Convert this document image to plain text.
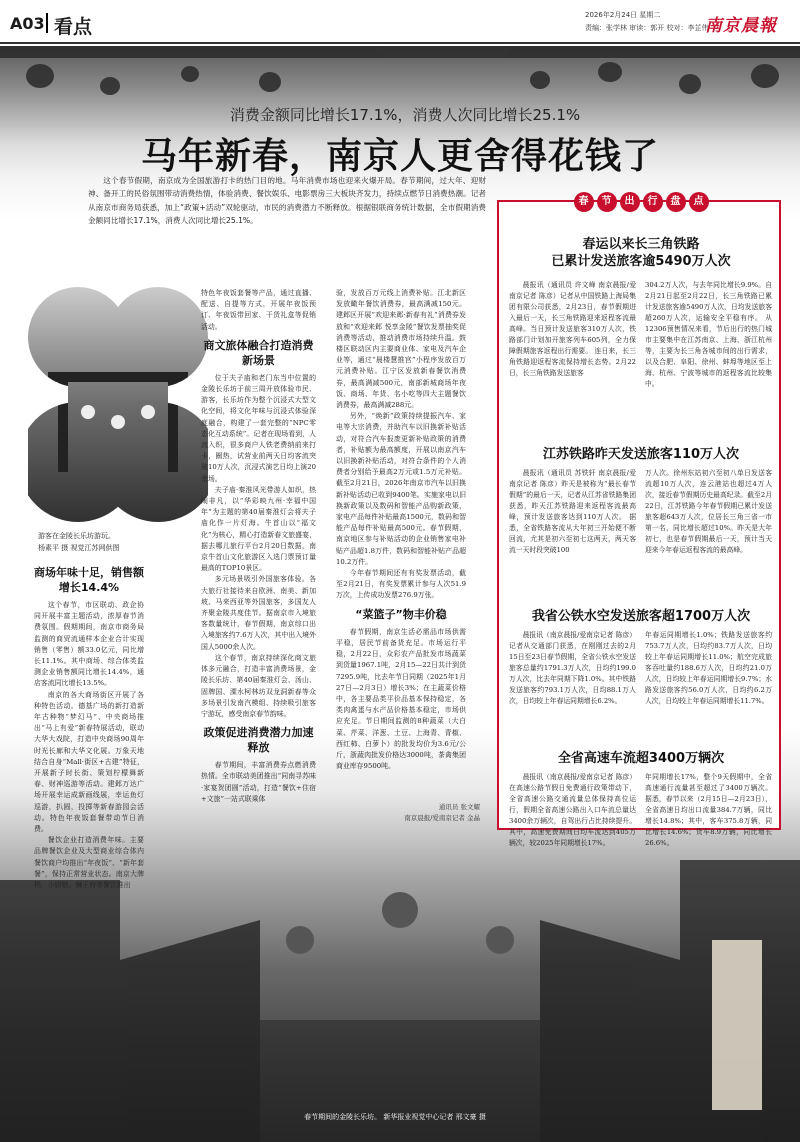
A03 看点
2026年2月24日 星期二
责编：张学林 审读：郭开 校对：李芷伟
南京晨報
消费金额同比增长17.1%，消费人次同比增长25.1%
马年新春，南京人更舍得花钱了

这个春节假期，南京成为全国旅游打卡的热门目的地。马年消费市场也迎来火爆开局。春节期间，过大年、迎财神、备开工的民俗氛围带动消费热情，体验消费、餐饮娱乐、电影票房三大板块齐发力，持续点燃节日消费热潮。记者从南京市商务局获悉，加上“政策+活动”双轮驱动，市民的消费潜力不断释放。根据银联商务统计数据，全市假期消费金额同比增长17.1%，消费人次同比增长25.1%。

游客在金陵长乐坊游玩。
杨素平 摄 视觉江苏网供图
商场年味十足，销售额增长14.4%

这个春节，市区联动、政企协同开展丰富主题活动，浓厚春节消费氛围。假期期间，南京市商务局监测的商贸流通样本企业合计实现销售（零售）额33.0亿元，同比增长11.1%。其中商场、综合体类监测企业销售额同比增长14.4%，通店客流同比增长13.5%。

南京的各大商场街区开展了各种特色活动。德基广场的新打造新年古种物“梦幻马”、中央商场推出“马上有爱”新春特展活动，联动大华大戏院，打造中央商场90周年时光长廊和大华文化展。万象天地结合自身“Mall·街区+古建”特征，开展新子时长街、策划柠檬舞新春、财神巡游等活动。建邺万达广场开展幸运成新画线展，幸运鱼灯巡游，扒圆，投掷等新春游园会活动。特色年夜饭套餐带动节日消费。

餐饮企业打造消费年味。主要品牌餐饮企业及大型商业综合体内餐饮商户均推出“年夜饭”、“新年套餐”，保持正常营业状态。南京大牌档、小厨娘、狮王府等餐饮推出

特色年夜饭套餐等产品，通过直播、配送、自提等方式，开展年夜饭预订、年夜饭带回家、干货礼盒等促销活动。

商文旅体融合打造消费新场景

位于夫子庙和老门东当中位置的金陵长乐坊于前三周开放体验市民、游客，长乐坊作为整个沉浸式大型文化空间，将文化年味与沉浸式体验深度融合，构建了一套完整的“NPC零态化互动系统”。记者在现场看到，人流入织，很多商户人铁老费纳前来打卡，圈热，试营业前两天日均客流突破10万人次，沉浸式演艺日均上演20余场。

夫子庙·秦淮风光带游人如织，热闹非凡，以“华彩映九州·幸福中国年”为主题的第40届秦淮灯会将夫子庙化作一片灯海。牛首山以“福文化”为核心，精心打造新春文旅盛宴，据去哪儿旅行平台2月20日数据，南京牛首山文化旅游区入选门票预订量最高的TOP10景区。

多元场景吸引外国旅客体验。各大旅行社接待来自欧洲、南美、新加坡、马来西亚等外国旅客，多国友人齐聚金陵共度佳节。据南京市入境旅客数量统计，春节假期，南京综口出入境旅客约7.6万人次，其中出入境外国人5000余人次。

这个春节，南京持续深化商文旅体多元融合，打造丰富消费场景，金陵长乐坊、第40届秦淮灯会、汤山、固牌国、溧水柯林坊双龙洞新春等众多场景引发南汽模组、持续吸引旅客宁游玩，感受南京春节韵味。

政策促进消费潜力加速释放

春节期间，丰富消费券点燃消费热情。全市联动美团推出“同南寻苏味·家宴贺团圆”活动，打造“餐饮+住宿+文旅”一站式联乘体

验，发放百万元线上消费补贴。江北新区发放瞰年餐饮消费券，最高满减150元。建邺区开展“欢迎来邺·新春有礼”消费券发放和“欢迎来邺 悦享金陵”餐饮发票抽奖促消费等活动，推动消费市场持续升温。鼓楼区联动区内主要商业体、家电及汽车企业等，通过“晨楼慧推宫”小程序发放百万元消费补贴。江宁区发放新春餐饮消费券，最高满减500元，南部新城商场年夜饭、商场、年货、名小吃等四大主题餐饮消费券，最高满减288元。

另外，“焕新”政策持续提振汽车、家电等大宗消费，并助汽车以旧换新补贴活动，对符合汽车报废更新补贴政策的消费者，补贴额为最高额度，开展以南京汽车以旧换新补贴活动，对符合条件的个人消费者分别给予最高2万元或1.5万元补贴。截至2月21日，2026年南京市汽车以旧换新补贴活动已收到9400笔。实施家电以旧换新政策以及数码和智能产品购新政策，家电产品每件补贴最高1500元，数码和智能产品每件补贴最高500元。春节假期，南京地区参与补贴活动的企业销售家电补贴产品超1.8万件，数码和智能补贴产品超10.2万件。

今年春节期间还有有奖发票活动，截至2月21日，有奖发票累计参与人次51.9万次，上传成功发票276.9万张。

“菜篮子”物丰价稳

春节假期，南京生活必需品市场供需平稳，居民节前备货充足。市场运行平稳，2月22日，众彩农产品批发市场蔬菜到货量1967.1吨，2月15—22日共计到货7295.9吨，比去年节日同期（2025年1月27日—2月3日）增长3%；在主蔬菜价格中，各主要品类平价品基本保持稳定，各类肉禽蛋与水产品价格基本稳定，市场供应充足。节日期间监测的8种蔬菜（大白菜、芹菜、洋葱、土豆、上海青、青椒、西红柿、白萝卜）的批发均价为3.6元/公斤，浙蔬肉批发价格达3000吨，茶禽集团商业库存9500吨。

通讯员 张文耀
南京晨报/爱南京记者 金晶
春	节	出	行	盘	点
春运以来长三角铁路
已累计发送旅客逾5490万人次

晨报讯（通讯员 许文峰 南京晨报/爱南京记者 陈彦）记者从中国铁路上海局集团有限公司获悉，2月23日，春节假期进入最后一天，长三角铁路迎来返程客流最高峰。当日预计发送旅客310万人次，铁路部门计划加开旅客列车605列，全力保障假期旅客返程出行需要。 连日来，长三角铁路迎返程客流保持增长态势。2月22日，长三角铁路发送旅客

304.2万人次，与去年同比增长9.9%。自2月21日起至2月22日，长三角铁路已累计发送旅客逾5490万人次，日均发送旅客超260万人次，运输安全平稳有序。 从12306预售情况来看，节后出行的热门城市主要集中在江苏南京、上海、浙江杭州等，主要为长三角各城市间的出行需求，以及合肥、阜阳、徐州、蚌埠等地区至上海、杭州、宁波等城市的返程客流比较集中。

江苏铁路昨天发送旅客110万人次

晨报讯（通讯员 苏铁轩 南京晨报/爱南京记者 陈彦）昨天是被称为“最长春节假期”的最后一天，记者从江苏省铁路集团获悉，昨天江苏铁路迎来返程客流最高峰，预计发送旅客达到110万人次。 据悉，全省铁路客流从大年初三开始便不断回流，尤其是初六至初七这两天，两天客流一天时段突破100

万人次。徐州东站初六至初八单日发送客流超10万人次，连云港站也超过4万人次，接近春节假期历史最高纪录。截至2月22日，江苏铁路今年春节假期已累计发送旅客超643万人次，位居长三角三省一市第一名，同比增长超过10%。昨天是大年初七，也是春节假期最后一天，预计当天迎来今年春运返程客流的最高峰。

我省公铁水空发送旅客超1700万人次

晨报讯（南京晨报/爱南京记者 陈彦）记者从交通部门获悉，在刚刚过去的2月15日至23日春节假期，全省公铁水空发送旅客总量约1791.3万人次，日均约199.0万人次，比去年同期下降1.0%。其中铁路发送旅客约793.1万人次，日均88.1万人次，日均较上年春运同期增长6.2%。

年春运同期增长1.0%；铁路发送旅客约753.7万人次，日均约83.7万人次，日均较上年春运同期增长11.0%；航空完成旅客吞吐量约188.6万人次，日均约21.0万人次，日均较上年春运同期增长9.7%；水路发送旅客约56.0万人次，日均约6.2万人次，日均较上年春运同期增长11.7%。

全省高速车流超3400万辆次

晨报讯（南京晨报/爱南京记者 陈彦）在高速公路节假日免费通行政策带动下，全省高速公路交通流量总体保持高位运行，假期全省高速公路出入口车流总量达3400余万辆次，自驾出行占比持续提升。其中，高速免费期间日均车流达到405万辆次，较2025年同期增长17%。

年同期增长17%，整个9天假期中，全省高速通行流量甚至超过了3400万辆次。 据悉，春节以来（2月15日—2月23日），全省高速日均出口流量384.7万辆，同比增长14.8%；其中，客车375.8万辆，同比增长14.6%；货车8.9万辆，同比增长26.6%。

春节期间的金陵长乐坊。 新华报业视觉中心记者 邢文豪 摄
